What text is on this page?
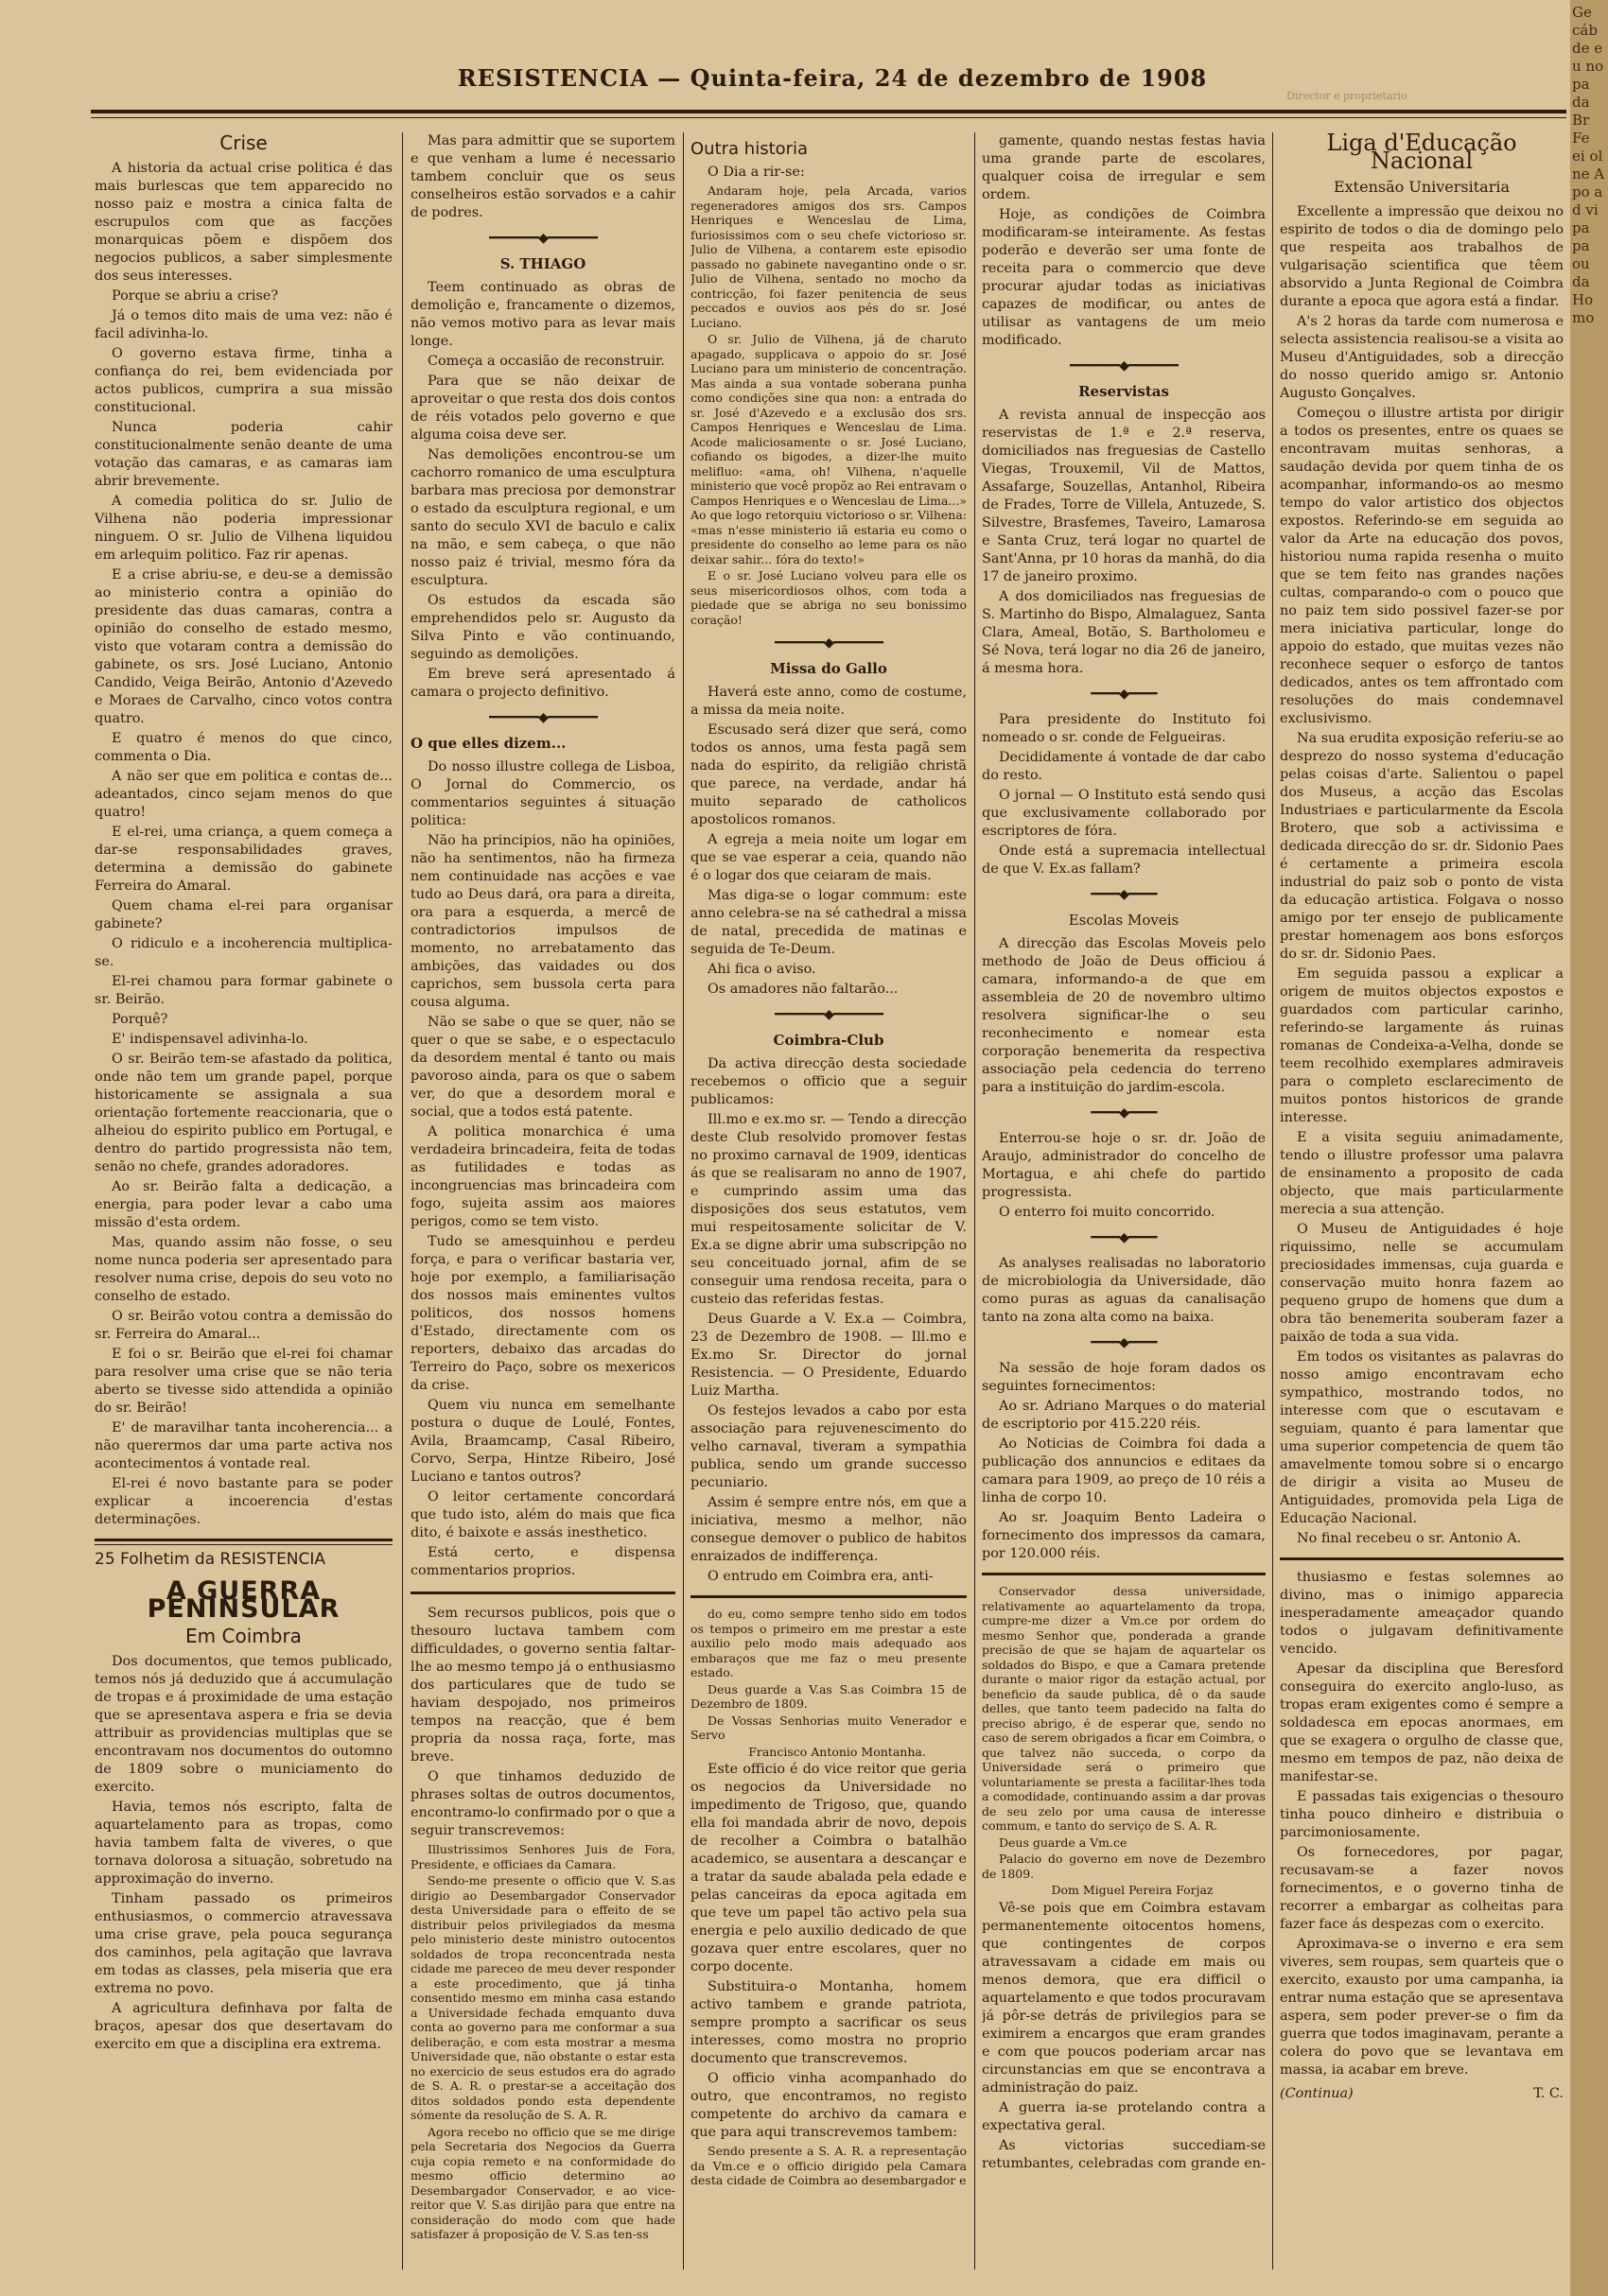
RESISTENCIA — Quinta-feira, 24 de dezembro de 1908
Crise

A historia da actual crise politica é das mais burlescas que tem apparecido no nosso paiz e mostra a cinica falta de escrupulos com que as facções monarquicas põem e dispõem dos negocios publicos, a saber simplesmente dos seus interesses.

Porque se abriu a crise?

Já o temos dito mais de uma vez: não é facil adivinha-lo.

O governo estava firme, tinha a confiança do rei, bem evidenciada por actos publicos, cumprira a sua missão constitucional.

Nunca poderia cahir constitucionalmente senão deante de uma votação das camaras, e as camaras iam abrir brevemente.

A comedia politica do sr. Julio de Vilhena não poderia impressionar ninguem. O sr. Julio de Vilhena liquidou em arlequim politico. Faz rir apenas.

E a crise abriu-se, e deu-se a demissão ao ministerio contra a opinião do presidente das duas camaras, contra a opinião do conselho de estado mesmo, visto que votaram contra a demissão do gabinete, os srs. José Luciano, Antonio Candido, Veiga Beirão, Antonio d'Azevedo e Moraes de Carvalho, cinco votos contra quatro.

E quatro é menos do que cinco, commenta o Dia.

A não ser que em politica e contas de... adeantados, cinco sejam menos do que quatro!

E el-rei, uma criança, a quem começa a dar-se responsabilidades graves, determina a demissão do gabinete Ferreira do Amaral.

Quem chama el-rei para organisar gabinete?

O ridiculo e a incoherencia multiplica-se.

El-rei chamou para formar gabinete o sr. Beirão.

Porquê?

E' indispensavel adivinha-lo.

O sr. Beirão tem-se afastado da politica, onde não tem um grande papel, porque historicamente se assignala a sua orientação fortemente reaccionaria, que o alheiou do espirito publico em Portugal, e dentro do partido progressista não tem, senão no chefe, grandes adoradores.

Ao sr. Beirão falta a dedicação, a energia, para poder levar a cabo uma missão d'esta ordem.

Mas, quando assim não fosse, o seu nome nunca poderia ser apresentado para resolver numa crise, depois do seu voto no conselho de estado.

O sr. Beirão votou contra a demissão do sr. Ferreira do Amaral...

E foi o sr. Beirão que el-rei foi chamar para resolver uma crise que se não teria aberto se tivesse sido attendida a opinião do sr. Beirão!

E' de maravilhar tanta incoherencia... a não querermos dar uma parte activa nos acontecimentos á vontade real.

El-rei é novo bastante para se poder explicar a incoerencia d'estas determinações.

25 Folhetim da RESISTENCIA

A GUERRA PENINSULAR
Em Coimbra

Dos documentos, que temos publicado, temos nós já deduzido que á accumulação de tropas e á proximidade de uma estação que se apresentava aspera e fria se devia attribuir as providencias multiplas que se encontravam nos documentos do outomno de 1809 sobre o municiamento do exercito.

Havia, temos nós escripto, falta de aquartelamento para as tropas, como havia tambem falta de viveres, o que tornava dolorosa a situação, sobretudo na approximação do inverno.

Tinham passado os primeiros enthusiasmos, o commercio atravessava uma crise grave, pela pouca segurança dos caminhos, pela agitação que lavrava em todas as classes, pela miseria que era extrema no povo.

A agricultura definhava por falta de braços, apesar dos que desertavam do exercito em que a disciplina era extrema.

Mas para admittir que se suportem e que venham a lume é necessario tambem concluir que os seus conselheiros estão sorvados e a cahir de podres.

━━━━━━━◆━━━━━━━
S. THIAGO

Teem continuado as obras de demolição e, francamente o dizemos, não vemos motivo para as levar mais longe.

Começa a occasião de reconstruir.

Para que se não deixar de aproveitar o que resta dos dois contos de réis votados pelo governo e que alguma coisa deve ser.

Nas demolições encontrou-se um cachorro romanico de uma esculptura barbara mas preciosa por demonstrar o estado da esculptura regional, e um santo do seculo XVI de baculo e calix na mão, e sem cabeça, o que não nosso paiz é trivial, mesmo fóra da esculptura.

Os estudos da escada são emprehendidos pelo sr. Augusto da Silva Pinto e vão continuando, seguindo as demolições.

Em breve será apresentado á camara o projecto definitivo.

━━━━━━━◆━━━━━━━
O que elles dizem...

Do nosso illustre collega de Lisboa, O Jornal do Commercio, os commentarios seguintes á situação politica:

Não ha principios, não ha opiniões, não ha sentimentos, não ha firmeza nem continuidade nas acções e vae tudo ao Deus dará, ora para a direita, ora para a esquerda, a mercê de contradictorios impulsos de momento, no arrebatamento das ambições, das vaidades ou dos caprichos, sem bussola certa para cousa alguma.

Não se sabe o que se quer, não se quer o que se sabe, e o espectaculo da desordem mental é tanto ou mais pavoroso ainda, para os que o sabem ver, do que a desordem moral e social, que a todos está patente.

A politica monarchica é uma verdadeira brincadeira, feita de todas as futilidades e todas as incongruencias mas brincadeira com fogo, sujeita assim aos maiores perigos, como se tem visto.

Tudo se amesquinhou e perdeu força, e para o verificar bastaria ver, hoje por exemplo, a familiarisação dos nossos mais eminentes vultos politicos, dos nossos homens d'Estado, directamente com os reporters, debaixo das arcadas do Terreiro do Paço, sobre os mexericos da crise.

Quem viu nunca em semelhante postura o duque de Loulé, Fontes, Avila, Braamcamp, Casal Ribeiro, Corvo, Serpa, Hintze Ribeiro, José Luciano e tantos outros?

O leitor certamente concordará que tudo isto, além do mais que fica dito, é baixote e assás inesthetico.

Está certo, e dispensa commentarios proprios.

Sem recursos publicos, pois que o thesouro luctava tambem com difficuldades, o governo sentia faltar-lhe ao mesmo tempo já o enthusiasmo dos particulares que de tudo se haviam despojado, nos primeiros tempos na reacção, que é bem propria da nossa raça, forte, mas breve.

O que tinhamos deduzido de phrases soltas de outros documentos, encontramo-lo confirmado por o que a seguir transcrevemos:

Illustrissimos Senhores Juis de Fora, Presidente, e officiaes da Camara.

Sendo-me presente o officio que V. S.as dirigio ao Desembargador Conservador desta Universidade para o effeito de se distribuir pelos privilegiados da mesma pelo ministerio deste ministro outocentos soldados de tropa reconcentrada nesta cidade me pareceo de meu dever responder a este procedimento, que já tinha consentido mesmo em minha casa estando a Universidade fechada emquanto duva conta ao governo para me conformar a sua deliberação, e com esta mostrar a mesma Universidade que, não obstante o estar esta no exercicio de seus estudos era do agrado de S. A. R. o prestar-se a acceitação dos ditos soldados pondo esta dependente sómente da resolução de S. A. R.

Agora recebo no officio que se me dirige pela Secretaria dos Negocios da Guerra cuja copia remeto e na conformidade do mesmo officio determino ao Desembargador Conservador, e ao vice-reitor que V. S.as dirijão para que entre na consideração do modo com que hade satisfazer á proposição de V. S.as ten-ss

Outra historia

O Dia a rir-se:

Andaram hoje, pela Arcada, varios regeneradores amigos dos srs. Campos Henriques e Wenceslau de Lima, furiosissimos com o seu chefe victorioso sr. Julio de Vilhena, a contarem este episodio passado no gabinete navegantino onde o sr. Julio de Vilhena, sentado no mocho da contricção, foi fazer penitencia de seus peccados e ouvios aos pés do sr. José Luciano.

O sr. Julio de Vilhena, já de charuto apagado, supplicava o appoio do sr. José Luciano para um ministerio de concentração. Mas ainda a sua vontade soberana punha como condições sine qua non: a entrada do sr. José d'Azevedo e a exclusão dos srs. Campos Henriques e Wenceslau de Lima. Acode maliciosamente o sr. José Luciano, cofiando os bigodes, a dizer-lhe muito melifluo: «ama, oh! Vilhena, n'aquelle ministerio que você propõz ao Rei entravam o Campos Henriques e o Wenceslau de Lima...» Ao que logo retorquiu victorioso o sr. Vilhena: «mas n'esse ministerio iã estaria eu como o presidente do conselho ao leme para os não deixar sahir... fóra do texto!»

E o sr. José Luciano volveu para elle os seus misericordiosos olhos, com toda a piedade que se abriga no seu bonissimo coração!

━━━━━━━◆━━━━━━━
Missa do Gallo

Haverá este anno, como de costume, a missa da meia noite.

Escusado será dizer que será, como todos os annos, uma festa pagã sem nada do espirito, da religião christã que parece, na verdade, andar há muito separado de catholicos apostolicos romanos.

A egreja a meia noite um logar em que se vae esperar a ceia, quando não é o logar dos que ceiaram de mais.

Mas diga-se o logar commum: este anno celebra-se na sé cathedral a missa de natal, precedida de matinas e seguida de Te-Deum.

Ahi fica o aviso.

Os amadores não faltarão...

━━━━━━━◆━━━━━━━
Coimbra-Club

Da activa direcção desta sociedade recebemos o officio que a seguir publicamos:

Ill.mo e ex.mo sr. — Tendo a direcção deste Club resolvido promover festas no proximo carnaval de 1909, identicas ás que se realisaram no anno de 1907, e cumprindo assim uma das disposições dos seus estatutos, vem mui respeitosamente solicitar de V. Ex.a se digne abrir uma subscripção no seu conceituado jornal, afim de se conseguir uma rendosa receita, para o custeio das referidas festas.

Deus Guarde a V. Ex.a — Coimbra, 23 de Dezembro de 1908. — Ill.mo e Ex.mo Sr. Director do jornal Resistencia. — O Presidente, Eduardo Luiz Martha.

Os festejos levados a cabo por esta associação para rejuvenescimento do velho carnaval, tiveram a sympathia publica, sendo um grande successo pecuniario.

Assim é sempre entre nós, em que a iniciativa, mesmo a melhor, não consegue demover o publico de habitos enraizados de indifferença.

O entrudo em Coimbra era, anti-

do eu, como sempre tenho sido em todos os tempos o primeiro em me prestar a este auxilio pelo modo mais adequado aos embaraços que me faz o meu presente estado.

Deus guarde a V.as S.as Coimbra 15 de Dezembro de 1809.

De Vossas Senhorias muito Venerador e Servo

Francisco Antonio Montanha.

Este officio é do vice reitor que geria os negocios da Universidade no impedimento de Trigoso, que, quando ella foi mandada abrir de novo, depois de recolher a Coimbra o batalhão academico, se ausentara a descançar e a tratar da saude abalada pela edade e pelas canceiras da epoca agitada em que teve um papel tão activo pela sua energia e pelo auxilio dedicado de que gozava quer entre escolares, quer no corpo docente.

Substituira-o Montanha, homem activo tambem e grande patriota, sempre prompto a sacrificar os seus interesses, como mostra no proprio documento que transcrevemos.

O officio vinha acompanhado do outro, que encontramos, no registo competente do archivo da camara e que para aqui transcrevemos tambem:

Sendo presente a S. A. R. a representação da Vm.ce e o officio dirigido pela Camara desta cidade de Coimbra ao desembargador e

gamente, quando nestas festas havia uma grande parte de escolares, qualquer coisa de irregular e sem ordem.

Hoje, as condições de Coimbra modificaram-se inteiramente. As festas poderão e deverão ser uma fonte de receita para o commercio que deve procurar ajudar todas as iniciativas capazes de modificar, ou antes de utilisar as vantagens de um meio modificado.

━━━━━━━◆━━━━━━━
Reservistas

A revista annual de inspecção aos reservistas de 1.ª e 2.ª reserva, domiciliados nas freguesias de Castello Viegas, Trouxemil, Vil de Mattos, Assafarge, Souzellas, Antanhol, Ribeira de Frades, Torre de Villela, Antuzede, S. Silvestre, Brasfemes, Taveiro, Lamarosa e Santa Cruz, terá logar no quartel de Sant'Anna, pr 10 horas da manhã, do dia 17 de janeiro proximo.

A dos domiciliados nas freguesias de S. Martinho do Bispo, Almalaguez, Santa Clara, Ameal, Botão, S. Bartholomeu e Sé Nova, terá logar no dia 26 de janeiro, á mesma hora.

━━━━◆━━━━

Para presidente do Instituto foi nomeado o sr. conde de Felgueiras.

Decididamente á vontade de dar cabo do resto.

O jornal — O Instituto está sendo qusi que exclusivamente collaborado por escriptores de fóra.

Onde está a supremacia intellectual de que V. Ex.as fallam?

━━━━◆━━━━
Escolas Moveis

A direcção das Escolas Moveis pelo methodo de João de Deus officiou á camara, informando-a de que em assembleia de 20 de novembro ultimo resolvera significar-lhe o seu reconhecimento e nomear esta corporação benemerita da respectiva associação pela cedencia do terreno para a instituição do jardim-escola.

━━━━◆━━━━

Enterrou-se hoje o sr. dr. João de Araujo, administrador do concelho de Mortagua, e ahi chefe do partido progressista.

O enterro foi muito concorrido.

━━━━◆━━━━

As analyses realisadas no laboratorio de microbiologia da Universidade, dão como puras as aguas da canalisação tanto na zona alta como na baixa.

━━━━◆━━━━

Na sessão de hoje foram dados os seguintes fornecimentos:

Ao sr. Adriano Marques o do material de escriptorio por 415.220 réis.

Ao Noticias de Coimbra foi dada a publicação dos annuncios e editaes da camara para 1909, ao preço de 10 réis a linha de corpo 10.

Ao sr. Joaquim Bento Ladeira o fornecimento dos impressos da camara, por 120.000 réis.

Conservador dessa universidade, relativamente ao aquartelamento da tropa, cumpre-me dizer a Vm.ce por ordem do mesmo Senhor que, ponderada a grande precisão de que se hajam de aquartelar os soldados do Bispo, e que a Camara pretende durante o maior rigor da estação actual, por beneficio da saude publica, dê o da saude delles, que tanto teem padecido na falta do preciso abrigo, é de esperar que, sendo no caso de serem obrigados a ficar em Coimbra, o que talvez não succeda, o corpo da Universidade será o primeiro que voluntariamente se presta a facilitar-lhes toda a comodidade, continuando assim a dar provas de seu zelo por uma causa de interesse commum, e tanto do serviço de S. A. R.

Deus guarde a Vm.ce

Palacio do governo em nove de Dezembro de 1809.

Dom Miguel Pereira Forjaz

Vê-se pois que em Coimbra estavam permanentemente oitocentos homens, que contingentes de corpos atravessavam a cidade em mais ou menos demora, que era difficil o aquartelamento e que todos procuravam já pôr-se detrás de privilegios para se eximirem a encargos que eram grandes e com que poucos poderiam arcar nas circunstancias em que se encontrava a administração do paiz.

A guerra ia-se protelando contra a expectativa geral.

As victorias succediam-se retumbantes, celebradas com grande en-

Liga d'Educação Nacional
Extensão Universitaria

Excellente a impressão que deixou no espirito de todos o dia de domingo pelo que respeita aos trabalhos de vulgarisação scientifica que têem absorvido a Junta Regional de Coimbra durante a epoca que agora está a findar.

A's 2 horas da tarde com numerosa e selecta assistencia realisou-se a visita ao Museu d'Antiguidades, sob a direcção do nosso querido amigo sr. Antonio Augusto Gonçalves.

Começou o illustre artista por dirigir a todos os presentes, entre os quaes se encontravam muitas senhoras, a saudação devida por quem tinha de os acompanhar, informando-os ao mesmo tempo do valor artistico dos objectos expostos. Referindo-se em seguida ao valor da Arte na educação dos povos, historiou numa rapida resenha o muito que se tem feito nas grandes nações cultas, comparando-o com o pouco que no paiz tem sido possivel fazer-se por mera iniciativa particular, longe do appoio do estado, que muitas vezes não reconhece sequer o esforço de tantos dedicados, antes os tem affrontado com resoluções do mais condemnavel exclusivismo.

Na sua erudita exposição referiu-se ao desprezo do nosso systema d'educação pelas coisas d'arte. Salientou o papel dos Museus, a acção das Escolas Industriaes e particularmente da Escola Brotero, que sob a activissima e dedicada direcção do sr. dr. Sidonio Paes é certamente a primeira escola industrial do paiz sob o ponto de vista da educação artistica. Folgava o nosso amigo por ter ensejo de publicamente prestar homenagem aos bons esforços do sr. dr. Sidonio Paes.

Em seguida passou a explicar a origem de muitos objectos expostos e guardados com particular carinho, referindo-se largamente ás ruinas romanas de Condeixa-a-Velha, donde se teem recolhido exemplares admiraveis para o completo esclarecimento de muitos pontos historicos de grande interesse.

E a visita seguiu animadamente, tendo o illustre professor uma palavra de ensinamento a proposito de cada objecto, que mais particularmente merecia a sua attenção.

O Museu de Antiguidades é hoje riquissimo, nelle se accumulam preciosidades immensas, cuja guarda e conservação muito honra fazem ao pequeno grupo de homens que dum a obra tão benemerita souberam fazer a paixão de toda a sua vida.

Em todos os visitantes as palavras do nosso amigo encontravam echo sympathico, mostrando todos, no interesse com que o escutavam e seguiam, quanto é para lamentar que uma superior competencia de quem tão amavelmente tomou sobre si o encargo de dirigir a visita ao Museu de Antiguidades, promovida pela Liga de Educação Nacional.

No final recebeu o sr. Antonio A.

thusiasmo e festas solemnes ao divino, mas o inimigo apparecia inesperadamente ameaçador quando todos o julgavam definitivamente vencido.

Apesar da disciplina que Beresford conseguira do exercito anglo-luso, as tropas eram exigentes como é sempre a soldadesca em epocas anormaes, em que se exagera o orgulho de classe que, mesmo em tempos de paz, não deixa de manifestar-se.

E passadas tais exigencias o thesouro tinha pouco dinheiro e distribuia o parcimoniosamente.

Os fornecedores, por pagar, recusavam-se a fazer novos fornecimentos, e o governo tinha de recorrer a embargar as colheitas para fazer face ás despezas com o exercito.

Aproximava-se o inverno e era sem viveres, sem roupas, sem quarteis que o exercito, exausto por uma campanha, ia entrar numa estação que se apresentava aspera, sem poder prever-se o fim da guerra que todos imaginavam, perante a colera do povo que se levantava em massa, ia acabar em breve.

(Continua)	T. C.
Director e proprietario
Ge cáb de e u no pa da Br Fe ei ol ne A po a d vi pa pa ou da Ho mo
